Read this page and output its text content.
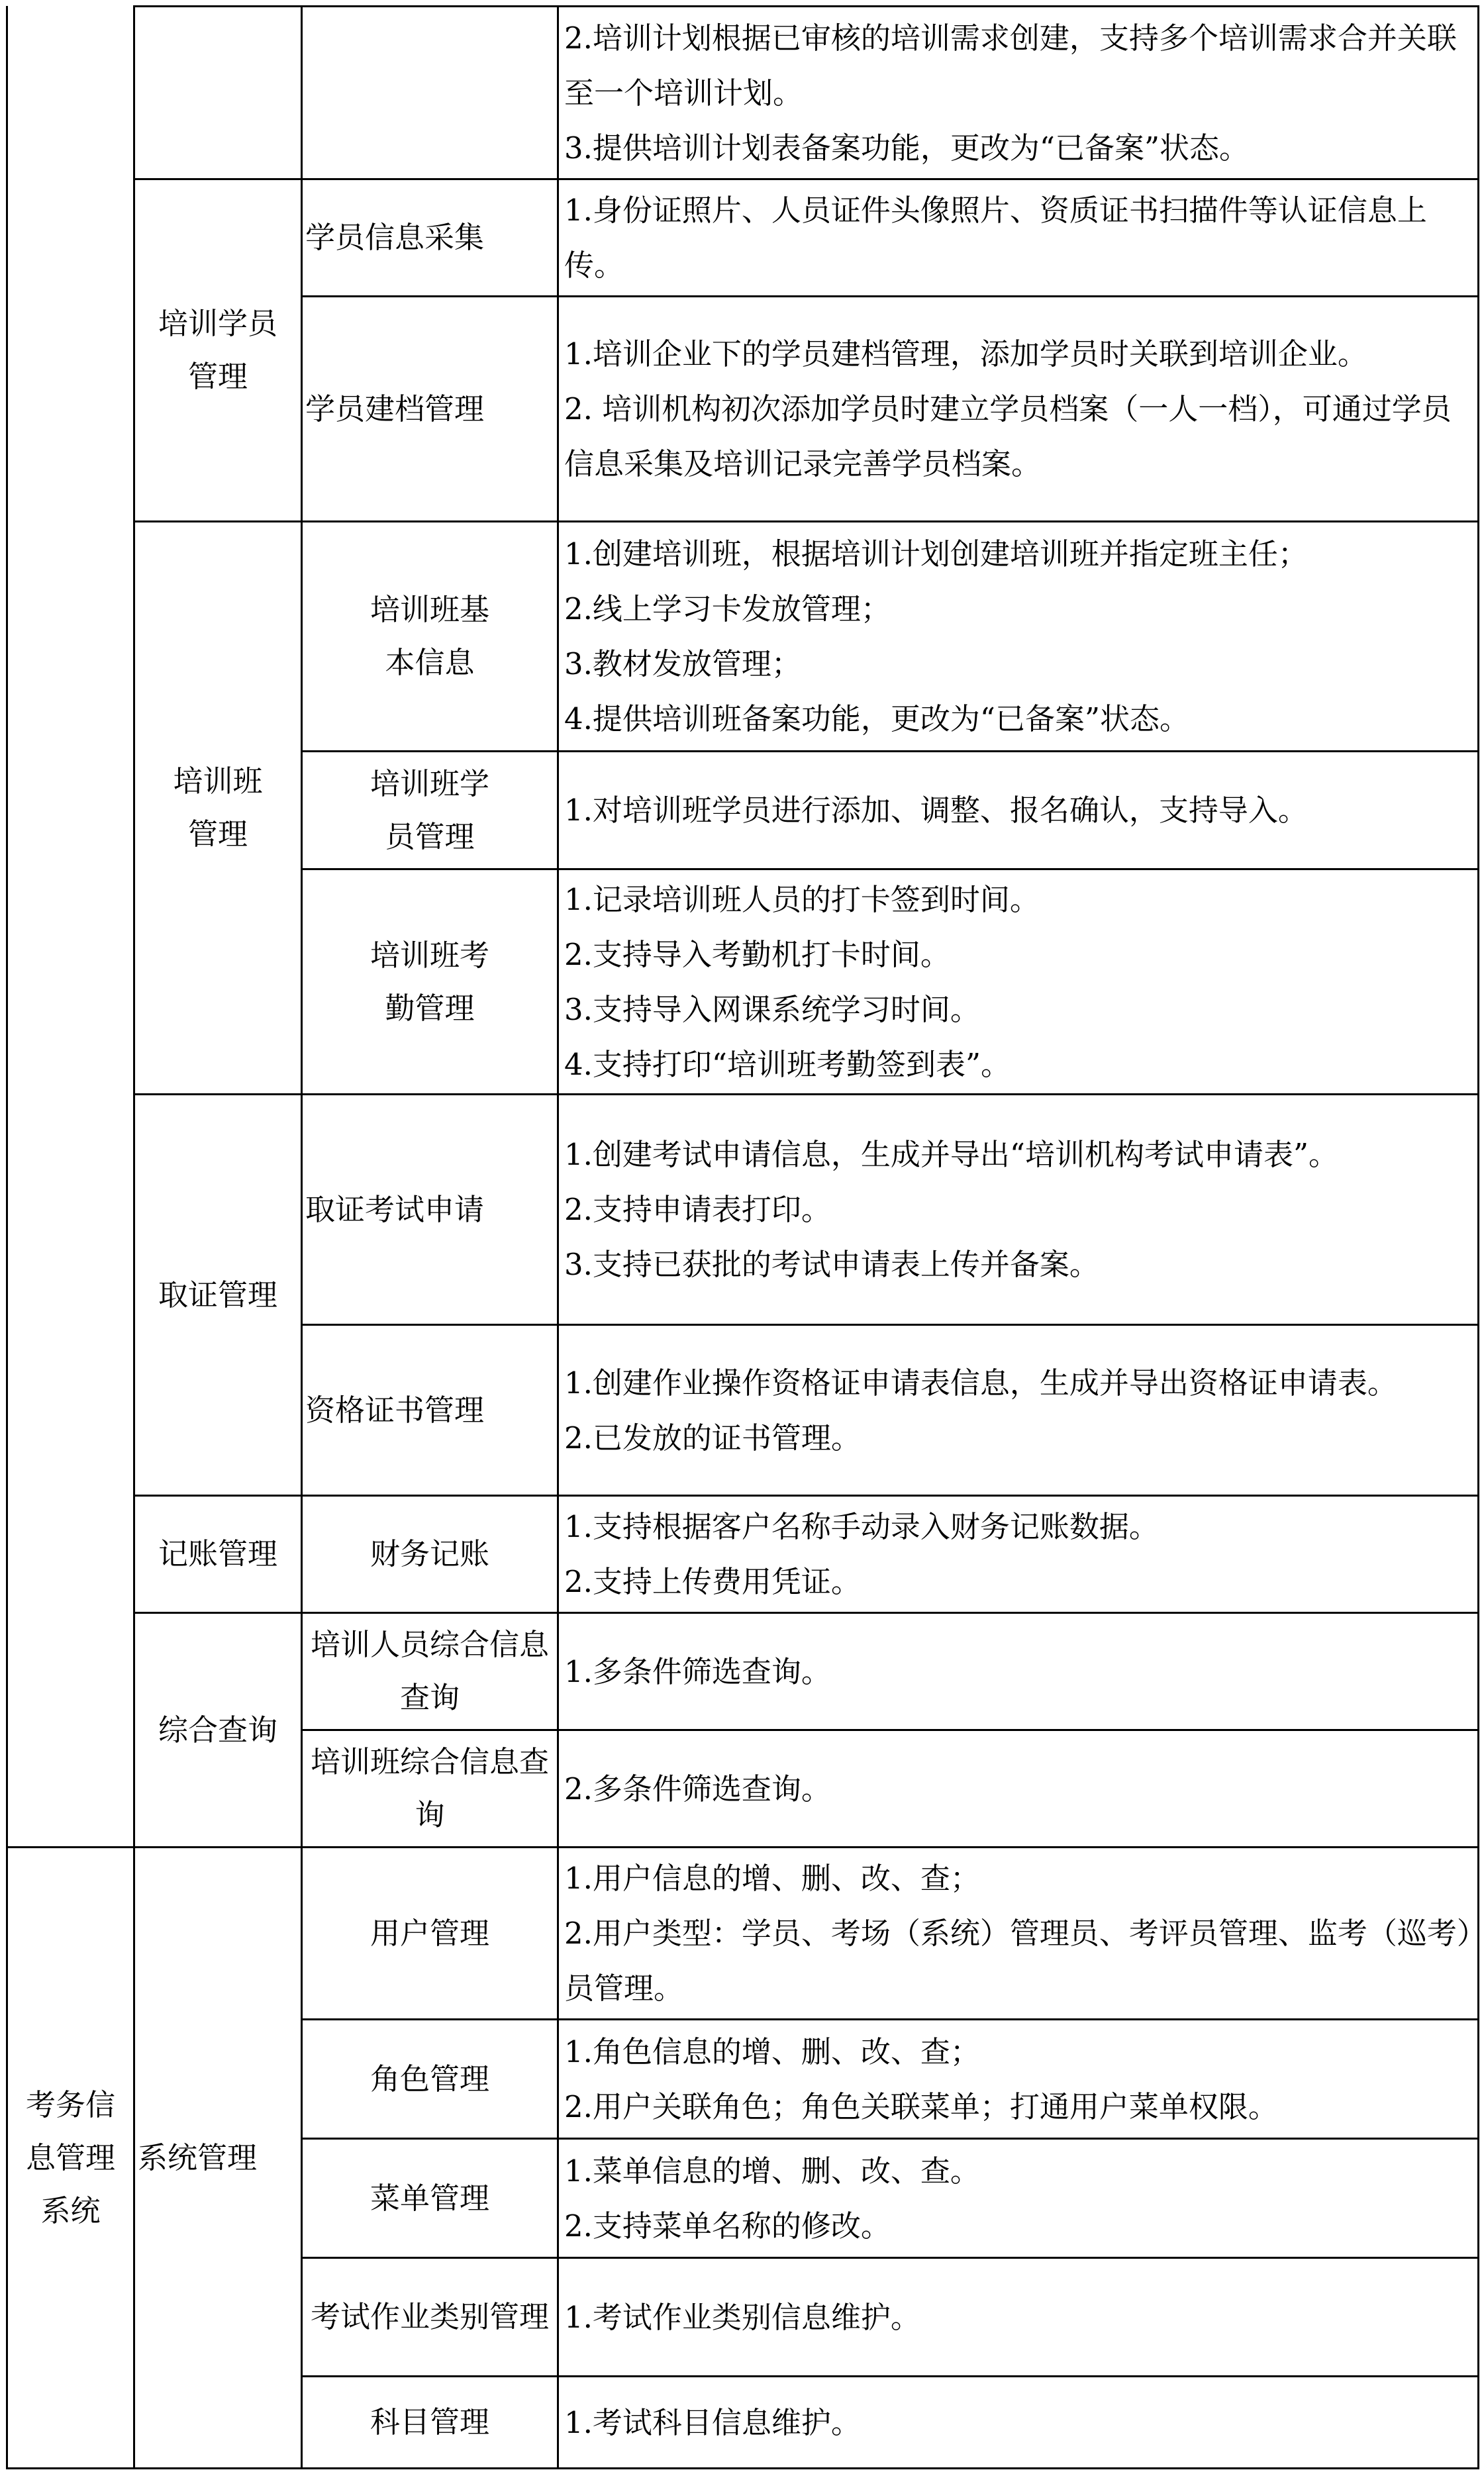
2.培训计划根据已审核的培训需求创建，支持多个培训需求合并关联至一个培训计划。

3.提供培训计划表备案功能，更改为“已备案”状态。

培训学员管理
学员信息采集

1.身份证照片、人员证件头像照片、资质证书扫描件等认证信息上传。

学员建档管理

1.培训企业下的学员建档管理，添加学员时关联到培训企业。

2. 培训机构初次添加学员时建立学员档案（一人一档），可通过学员信息采集及培训记录完善学员档案。

培训班管理
培训班基本信息

1.创建培训班，根据培训计划创建培训班并指定班主任；

2.线上学习卡发放管理；

3.教材发放管理；

4.提供培训班备案功能，更改为“已备案”状态。

培训班学员管理

1.对培训班学员进行添加、调整、报名确认，支持导入。

培训班考勤管理

1.记录培训班人员的打卡签到时间。

2.支持导入考勤机打卡时间。

3.支持导入网课系统学习时间。

4.支持打印“培训班考勤签到表”。

取证管理
取证考试申请

1.创建考试申请信息，生成并导出“培训机构考试申请表”。

2.支持申请表打印。

3.支持已获批的考试申请表上传并备案。

资格证书管理

1.创建作业操作资格证申请表信息，生成并导出资格证申请表。

2.已发放的证书管理。

记账管理	财务记账

1.支持根据客户名称手动录入财务记账数据。

2.支持上传费用凭证。

综合查询
培训人员综合信息查询

1.多条件筛选查询。

培训班综合信息查询

2.多条件筛选查询。

考务信息管理系统
系统管理
用户管理

1.用户信息的增、删、改、查；

2.用户类型：学员、考场（系统）管理员、考评员管理、监考（巡考）员管理。

角色管理

1.角色信息的增、删、改、查；

2.用户关联角色；角色关联菜单；打通用户菜单权限。

菜单管理

1.菜单信息的增、删、改、查。

2.支持菜单名称的修改。

考试作业类别管理 1.考试作业类别信息维护。

科目管理	1.考试科目信息维护。
